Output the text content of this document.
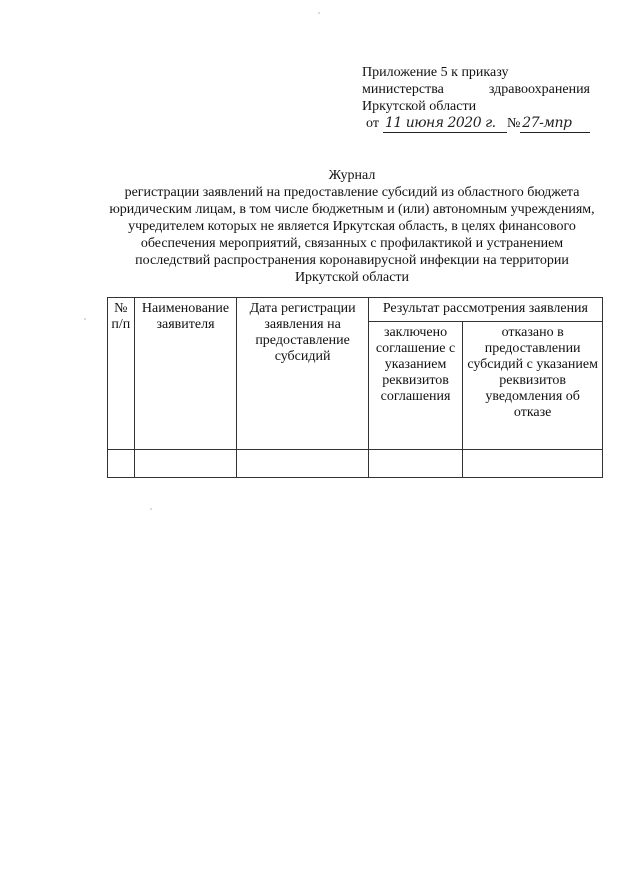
Приложение 5 к приказу
министерства	здравоохранения
Иркутской области
от 11 июня 2020 г. № 27-мпр
Журнал
регистрации заявлений на предоставление субсидий из областного бюджета юридическим лицам, в том числе бюджетным и (или) автономным учреждениям, учредителем которых не является Иркутская область, в целях финансового обеспечения мероприятий, связанных с профилактикой и устранением последствий распространения коронавирусной инфекции на территории Иркутской области
№ п/п	Наименование заявителя	Дата регистрации заявления на предоставление субсидий	Результат рассмотрения заявления	
			заключено соглашение с указанием реквизитов соглашения	отказано в предоставлении субсидий с указанием реквизитов уведомления об отказе
